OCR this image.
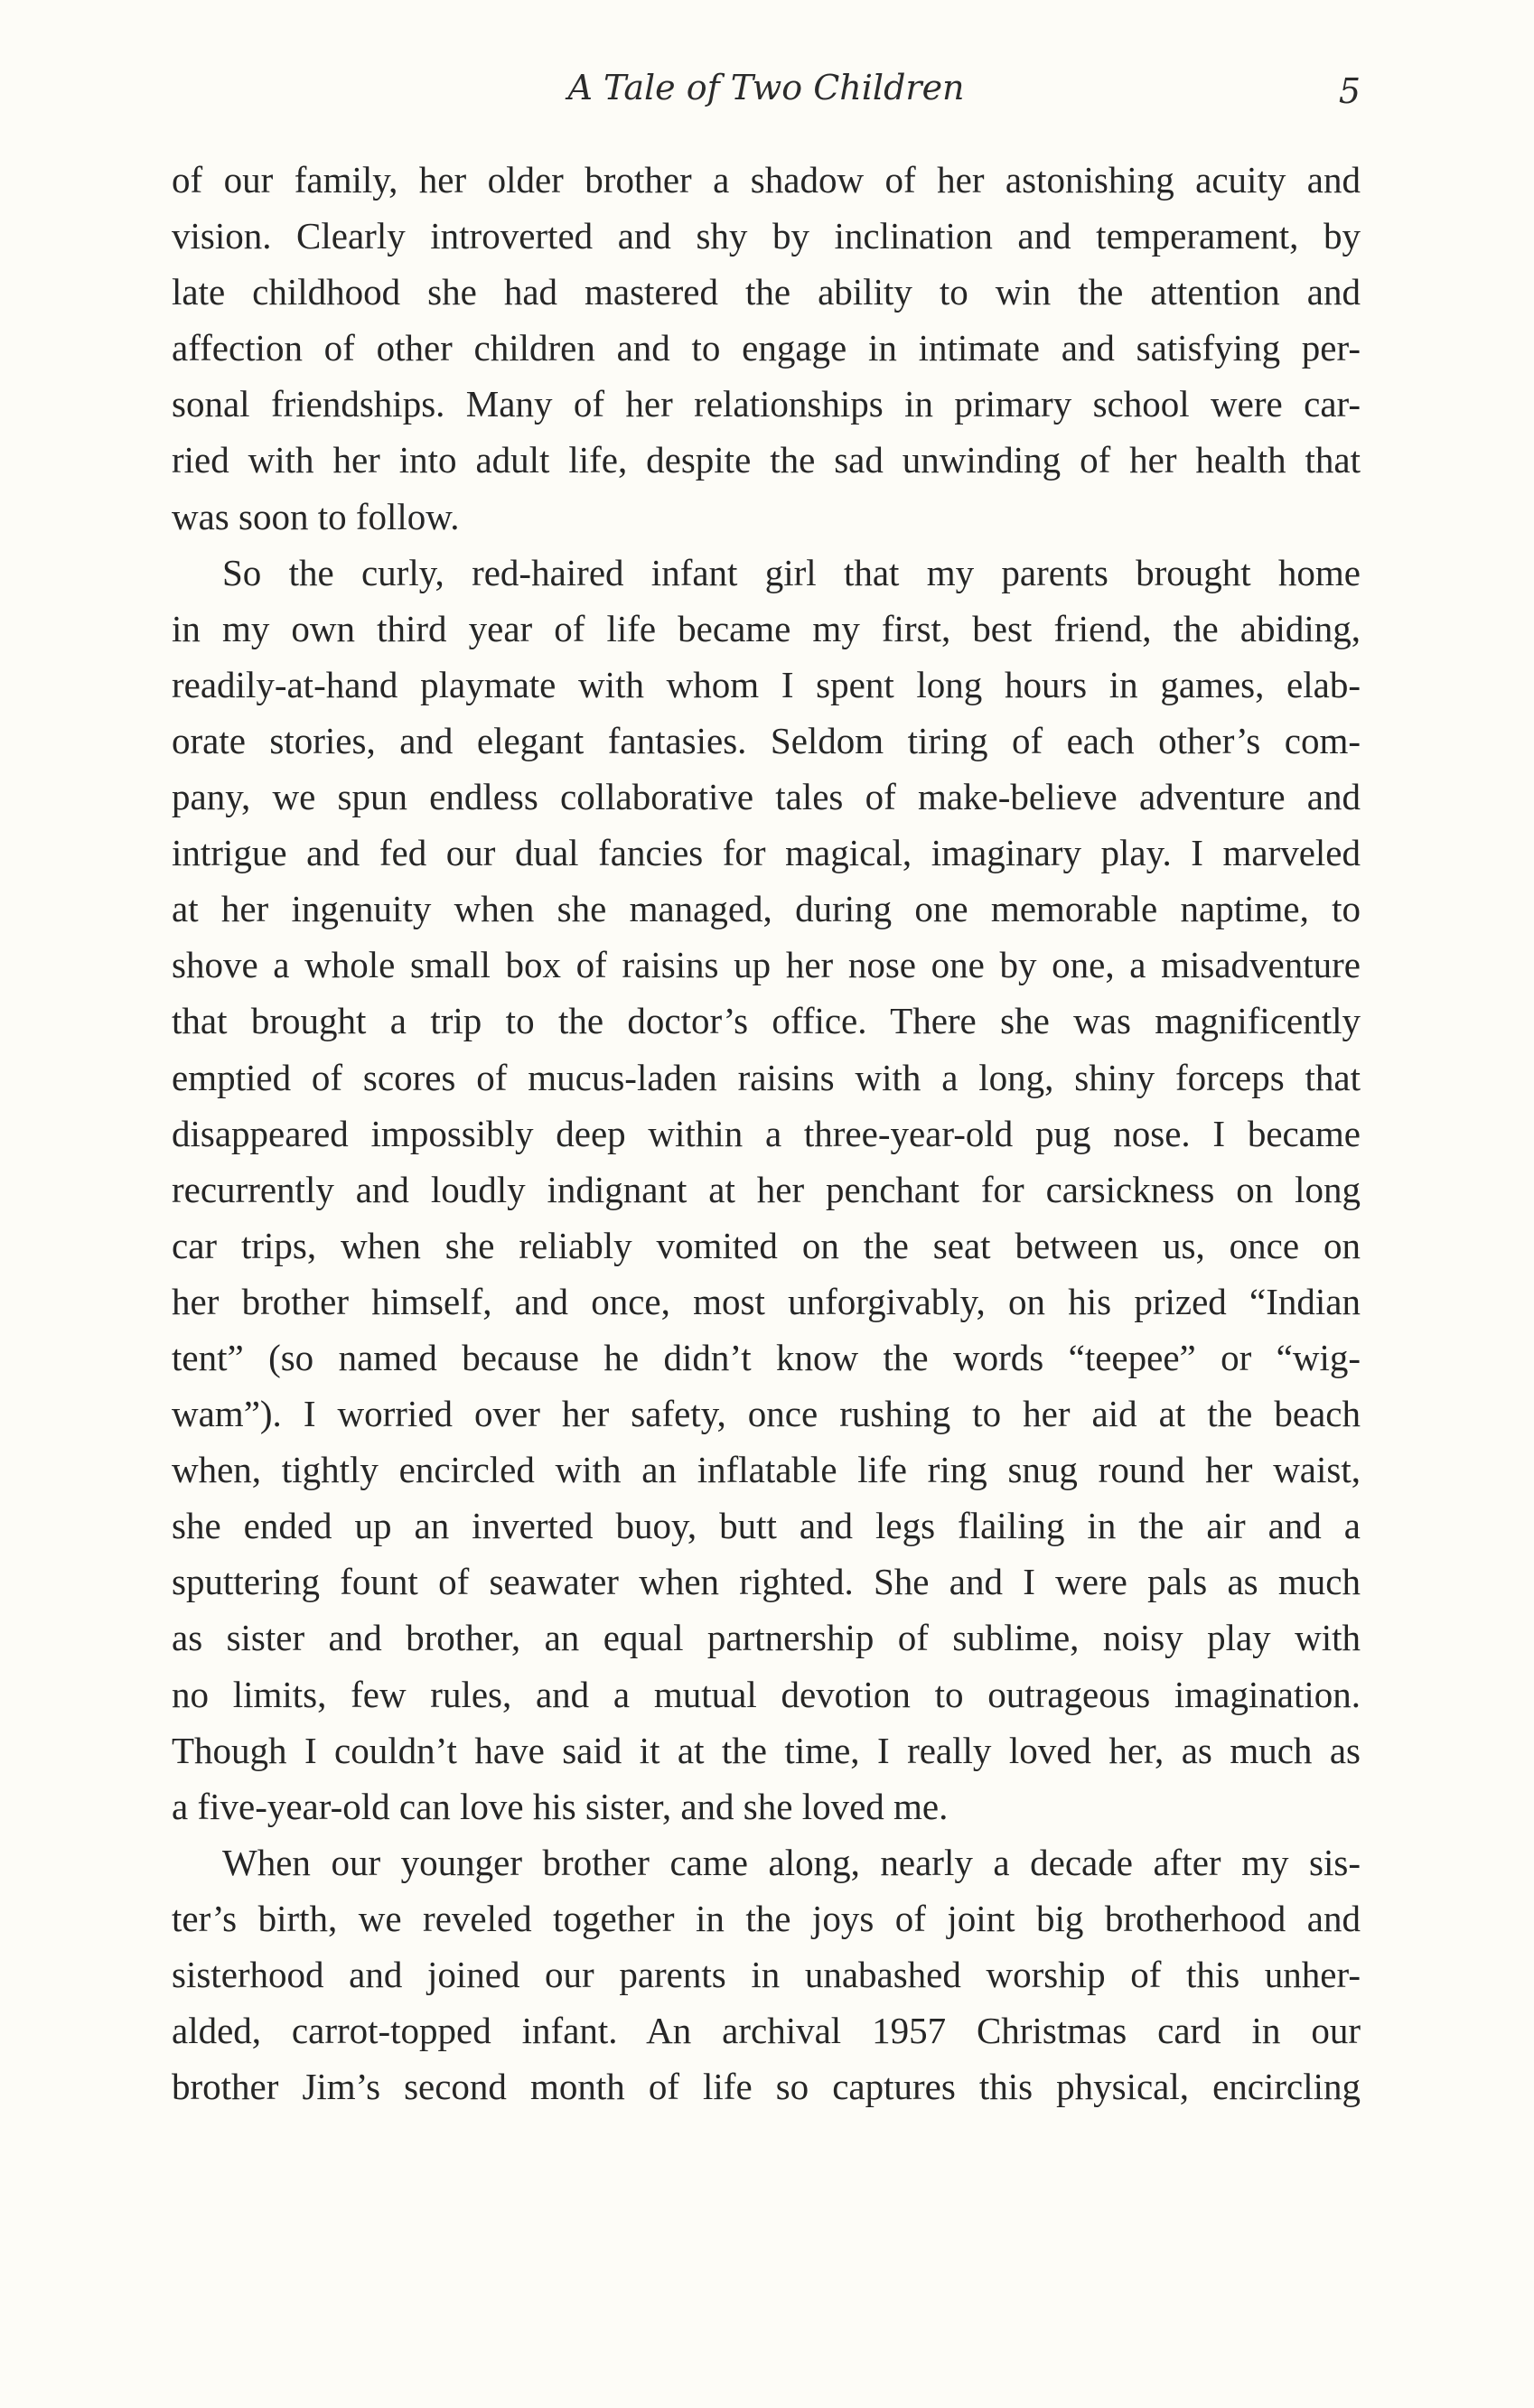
A Tale of Two Children	5

of our family, her older brother a shadow of her astonishing acuity and
vision. Clearly introverted and shy by inclination and temperament, by
late childhood she had mastered the ability to win the attention and
affection of other children and to engage in intimate and satisfying per-
sonal friendships. Many of her relationships in primary school were car-
ried with her into adult life, despite the sad unwinding of her health that
was soon to follow.

So the curly, red-haired infant girl that my parents brought home
in my own third year of life became my first, best friend, the abiding,
readily-at-hand playmate with whom I spent long hours in games, elab-
orate stories, and elegant fantasies. Seldom tiring of each other’s com-
pany, we spun endless collaborative tales of make-believe adventure and
intrigue and fed our dual fancies for magical, imaginary play. I marveled
at her ingenuity when she managed, during one memorable naptime, to
shove a whole small box of raisins up her nose one by one, a misadventure
that brought a trip to the doctor’s office. There she was magnificently
emptied of scores of mucus-laden raisins with a long, shiny forceps that
disappeared impossibly deep within a three-year-old pug nose. I became
recurrently and loudly indignant at her penchant for carsickness on long
car trips, when she reliably vomited on the seat between us, once on
her brother himself, and once, most unforgivably, on his prized “Indian
tent” (so named because he didn’t know the words “teepee” or “wig-
wam”). I worried over her safety, once rushing to her aid at the beach
when, tightly encircled with an inflatable life ring snug round her waist,
she ended up an inverted buoy, butt and legs flailing in the air and a
sputtering fount of seawater when righted. She and I were pals as much
as sister and brother, an equal partnership of sublime, noisy play with
no limits, few rules, and a mutual devotion to outrageous imagination.
Though I couldn’t have said it at the time, I really loved her, as much as
a five-year-old can love his sister, and she loved me.

When our younger brother came along, nearly a decade after my sis-
ter’s birth, we reveled together in the joys of joint big brotherhood and
sisterhood and joined our parents in unabashed worship of this unher-
alded, carrot-topped infant. An archival 1957 Christmas card in our
brother Jim’s second month of life so captures this physical, encircling
